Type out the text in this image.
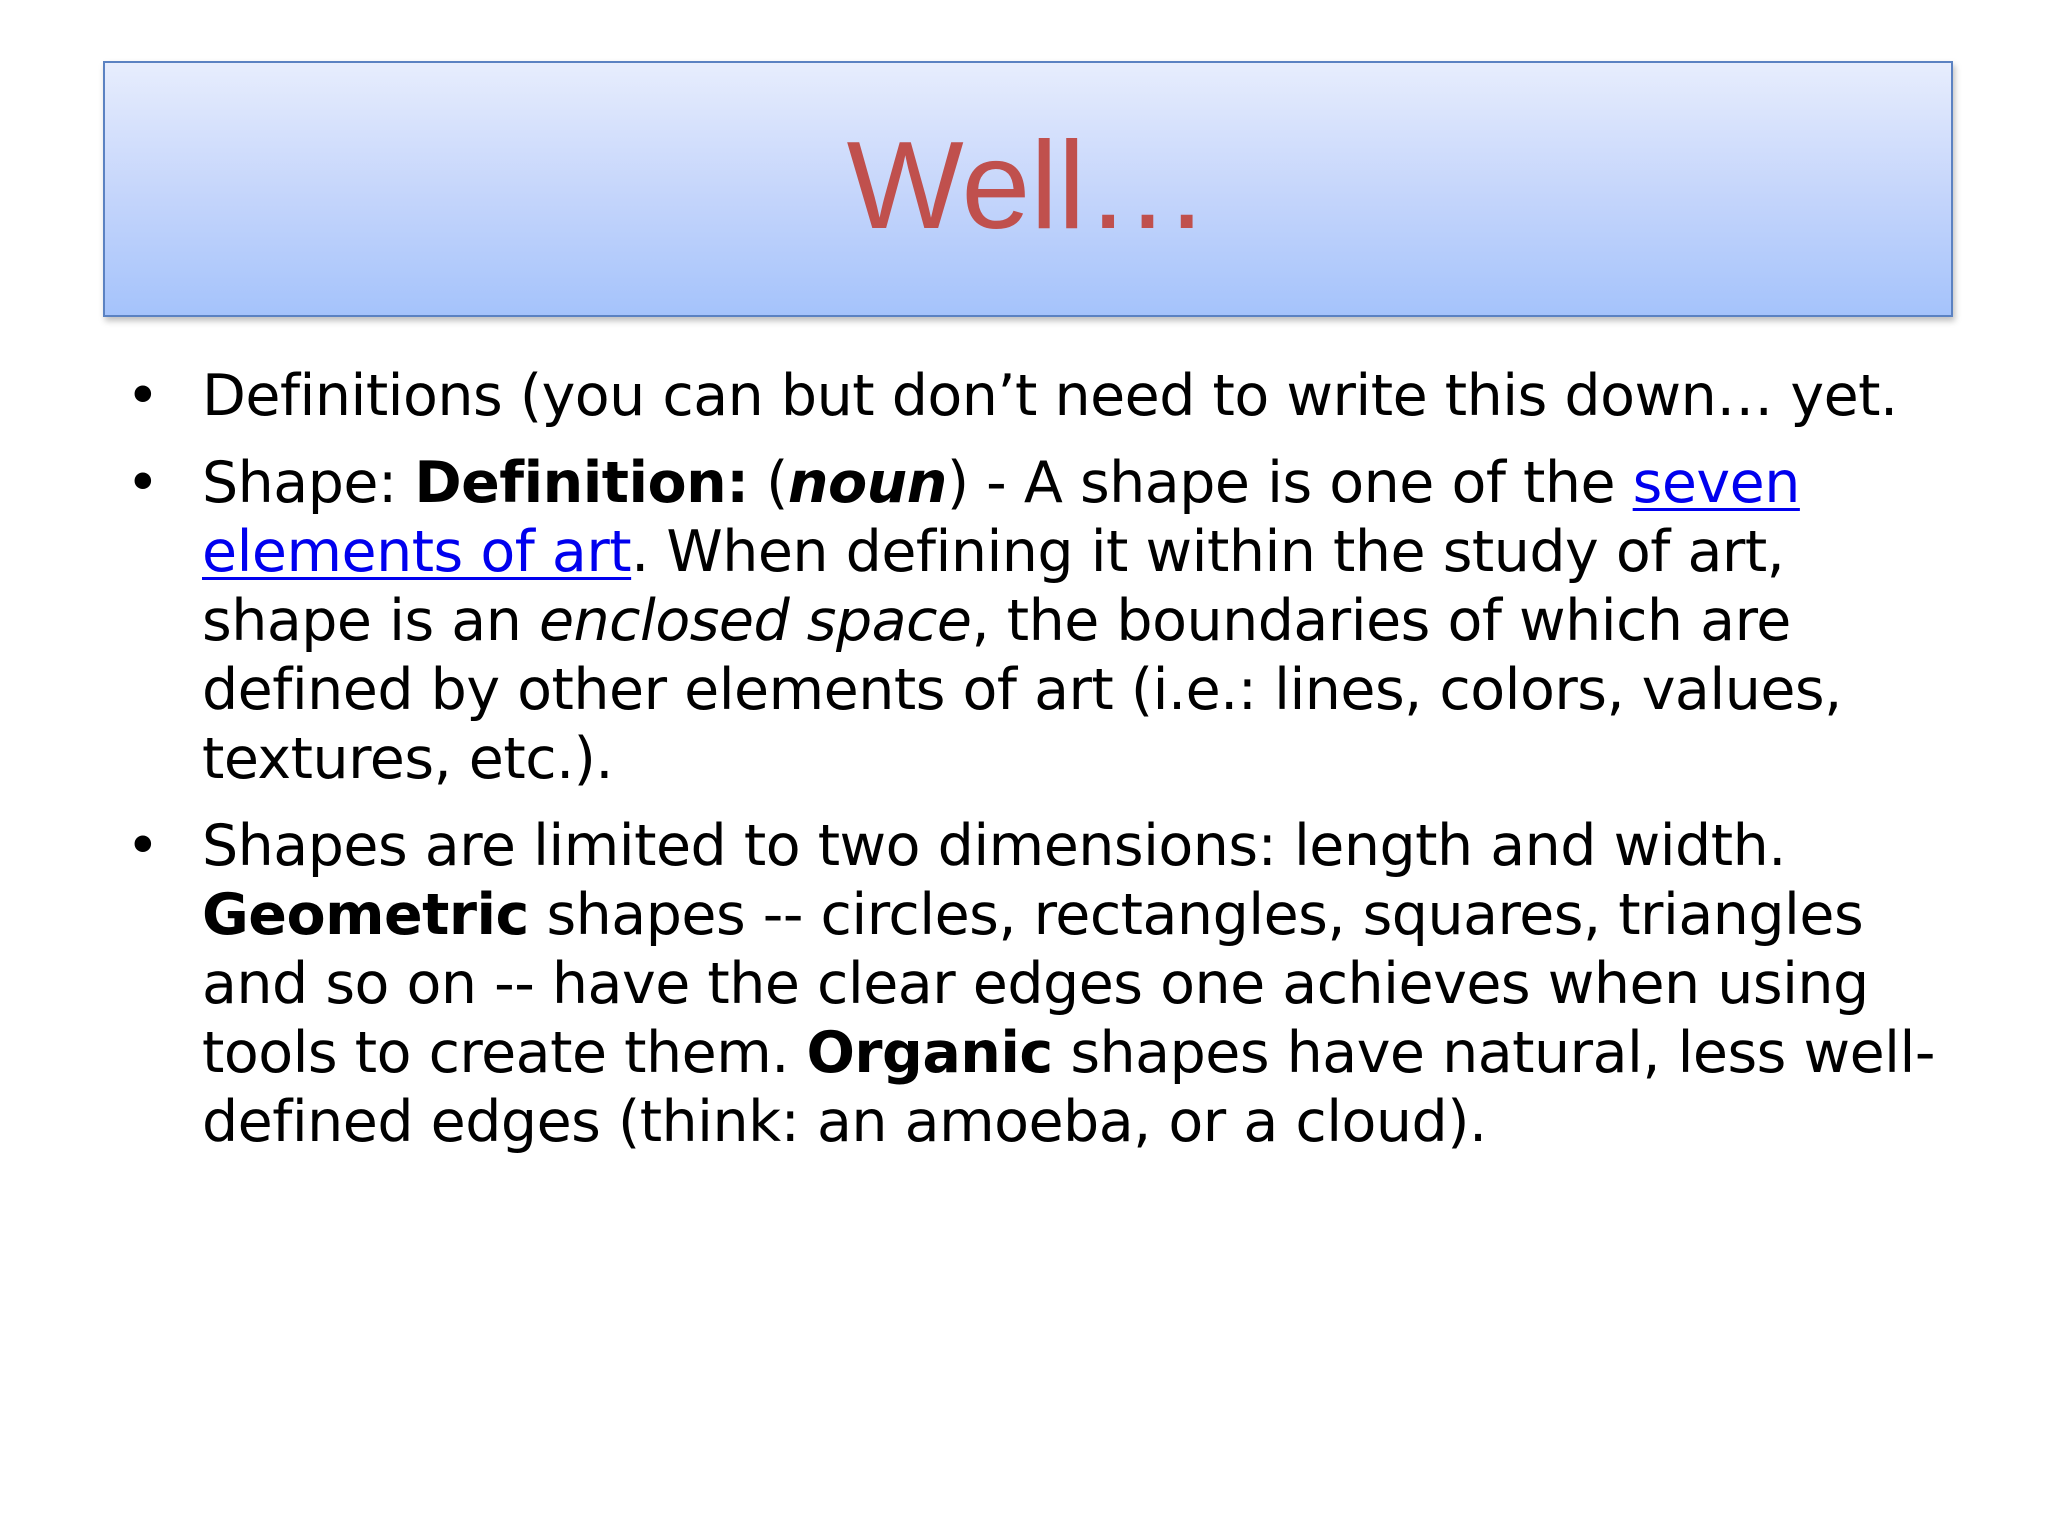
Well…
• Definitions (you can but don’t need to write this down… yet.
• Shape: Definition: (noun) - A shape is one of the seven elements of art. When defining it within the study of art, shape is an enclosed space, the boundaries of which are defined by other elements of art (i.e.: lines, colors, values, textures, etc.).
• Shapes are limited to two dimensions: length and width. Geometric shapes -- circles, rectangles, squares, triangles and so on -- have the clear edges one achieves when using tools to create them. Organic shapes have natural, less well-defined edges (think: an amoeba, or a cloud).
